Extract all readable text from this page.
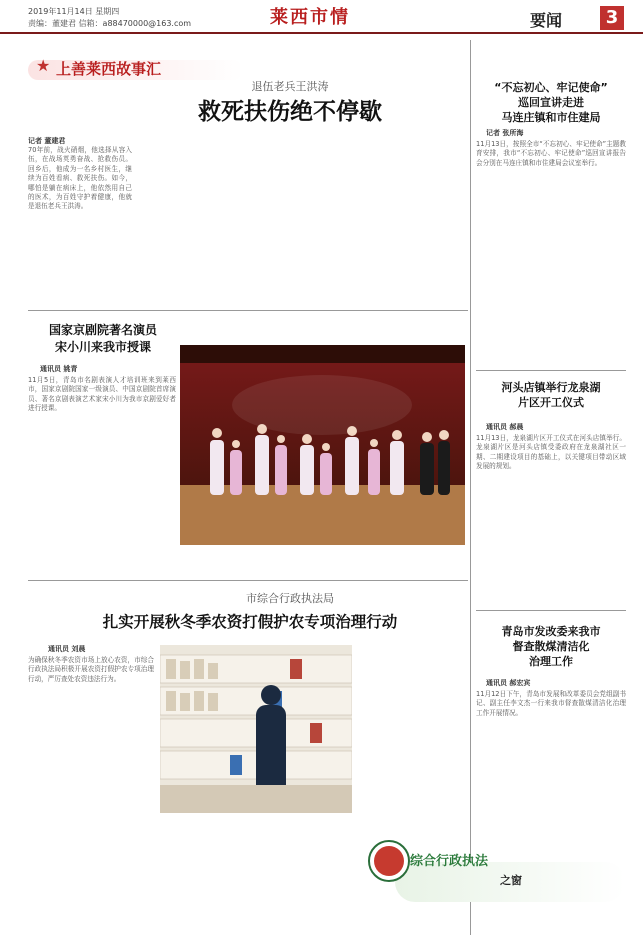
2019年11月14日 星期四
责编：董建君 信箱：a88470000@163.com	莱西市情	要闻	3
★ 上善莱西故事汇
退伍老兵王洪涛
救死扶伤绝不停歇
记者 董建君
70年前，战火硝烟，他选择从容入伍，在战场英勇奋战、抢救伤员。回乡后，他成为一名乡村医生，继续为百姓看病、救死扶伤。如今，哪怕是躺在病床上，他依然用自己的医术，为百姓守护着健康，他就是退伍老兵王洪涛。
国家京剧院著名演员
宋小川来我市授课
通讯员 姚青
11月5日，青岛市名剧表演人才培训班来到莱西市，国家京剧院国家一级演员、中国京剧院首席演员、著名京剧表演艺术家宋小川为我市京剧爱好者进行授课。
市综合行政执法局
扎实开展秋冬季农资打假护农专项治理行动
通讯员 刘晨
为确保秋冬季农资市场上放心农资，市综合行政执法局积极开展农资打假护农专项治理行动，严厉查处农资违法行为。
综合行政执法
之窗
“不忘初心、牢记使命”
巡回宣讲走进
马连庄镇和市住建局
记者 张所海
11月13日，按照全市“不忘初心、牢记使命”主题教育安排，我市“不忘初心、牢记使命”巡回宣讲报告会分别在马连庄镇和市住建局会议室举行。
河头店镇举行龙泉湖
片区开工仪式
通讯员 郝晨
11月13日，龙泉湖片区开工仪式在河头店镇举行。龙泉湖片区是河头店镇受委政府在龙泉湖社区一期、二期建设项目的基础上，以关键项目带动区域发展的规划。
青岛市发改委来我市
督查散煤清洁化
治理工作
通讯员 郝宏宾
11月12日下午，青岛市发展和改革委员会党组副书记、副主任李文杰一行来我市督查散煤清洁化治理工作开展情况。
